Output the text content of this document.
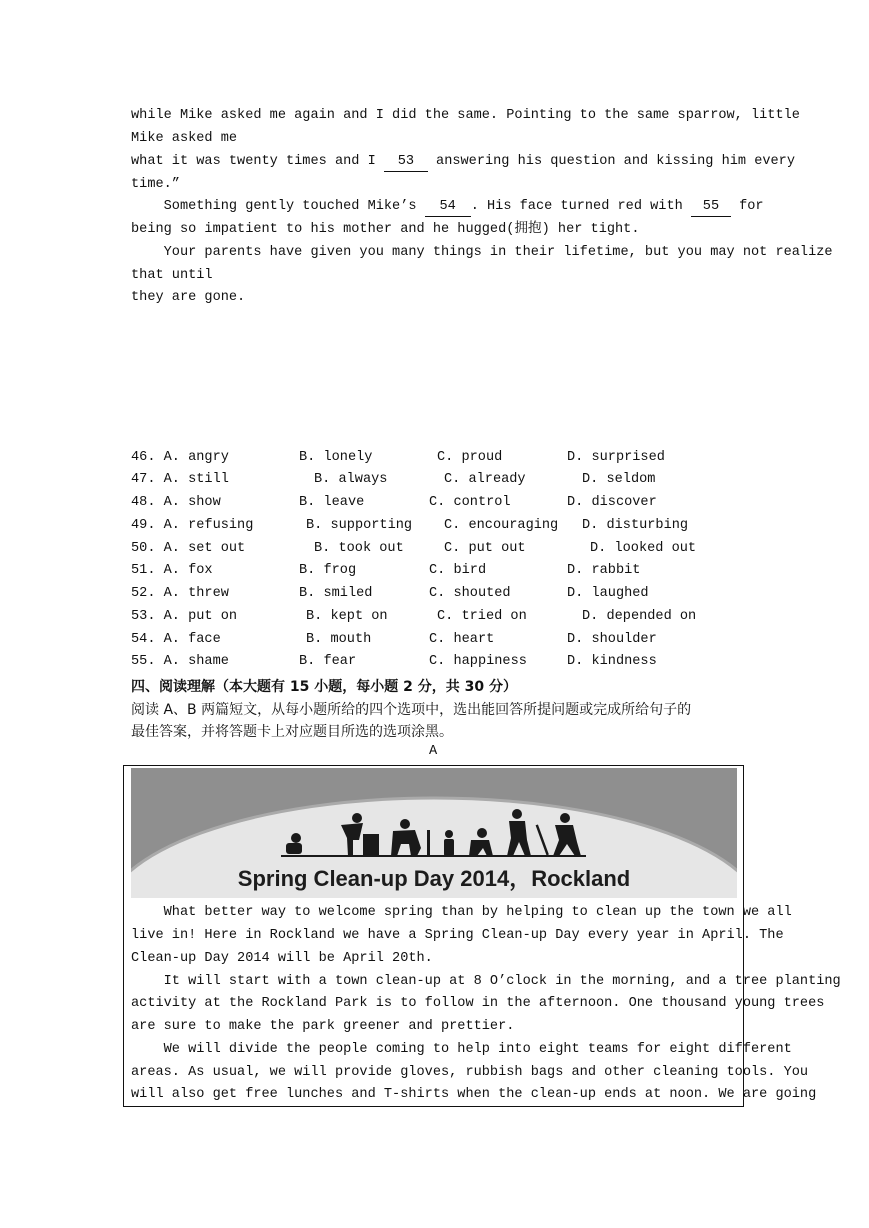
while Mike asked me again and I did the same. Pointing to the same sparrow, little
Mike asked me
what it was twenty times and I 53 answering his question and kissing him every
time.”
Something gently touched Mike’s 54 . His face turned red with 55 for
being so impatient to his mother and he hugged(拥抱) her tight.
Your parents have given you many things in their lifetime, but you may not realize
that until
they are gone.
46. A. angry	B. lonely	C. proud	D. surprised
47. A. still	B. always	C. already	D. seldom
48. A. show	B. leave	C. control	D. discover
49. A. refusing	B. supporting C. encouraging D. disturbing
50. A. set out	B. took out	C. put out	D. looked out
51. A. fox	B. frog	C. bird	D. rabbit
52. A. threw	B. smiled	C. shouted	D. laughed
53. A. put on	B. kept on	C. tried on	D. depended on
54. A. face	B. mouth	C. heart	D. shoulder
55. A. shame	B. fear	C. happiness	D. kindness
四、阅读理解（本大题有 15 小题，每小题 2 分，共 30 分）
阅读 A、B 两篇短文，从每小题所给的四个选项中，选出能回答所提问题或完成所给句子的
最佳答案，并将答题卡上对应题目所选的选项涂黑。
A
Spring Clean-up Day 2014，Rockland
What better way to welcome spring than by helping to clean up the town we all
live in! Here in Rockland we have a Spring Clean-up Day every year in April. The
Clean-up Day 2014 will be April 20th.
It will start with a town clean-up at 8 O’clock in the morning, and a tree planting
activity at the Rockland Park is to follow in the afternoon. One thousand young trees
are sure to make the park greener and prettier.
We will divide the people coming to help into eight teams for eight different
areas. As usual, we will provide gloves, rubbish bags and other cleaning tools. You
will also get free lunches and T-shirts when the clean-up ends at noon. We are going
